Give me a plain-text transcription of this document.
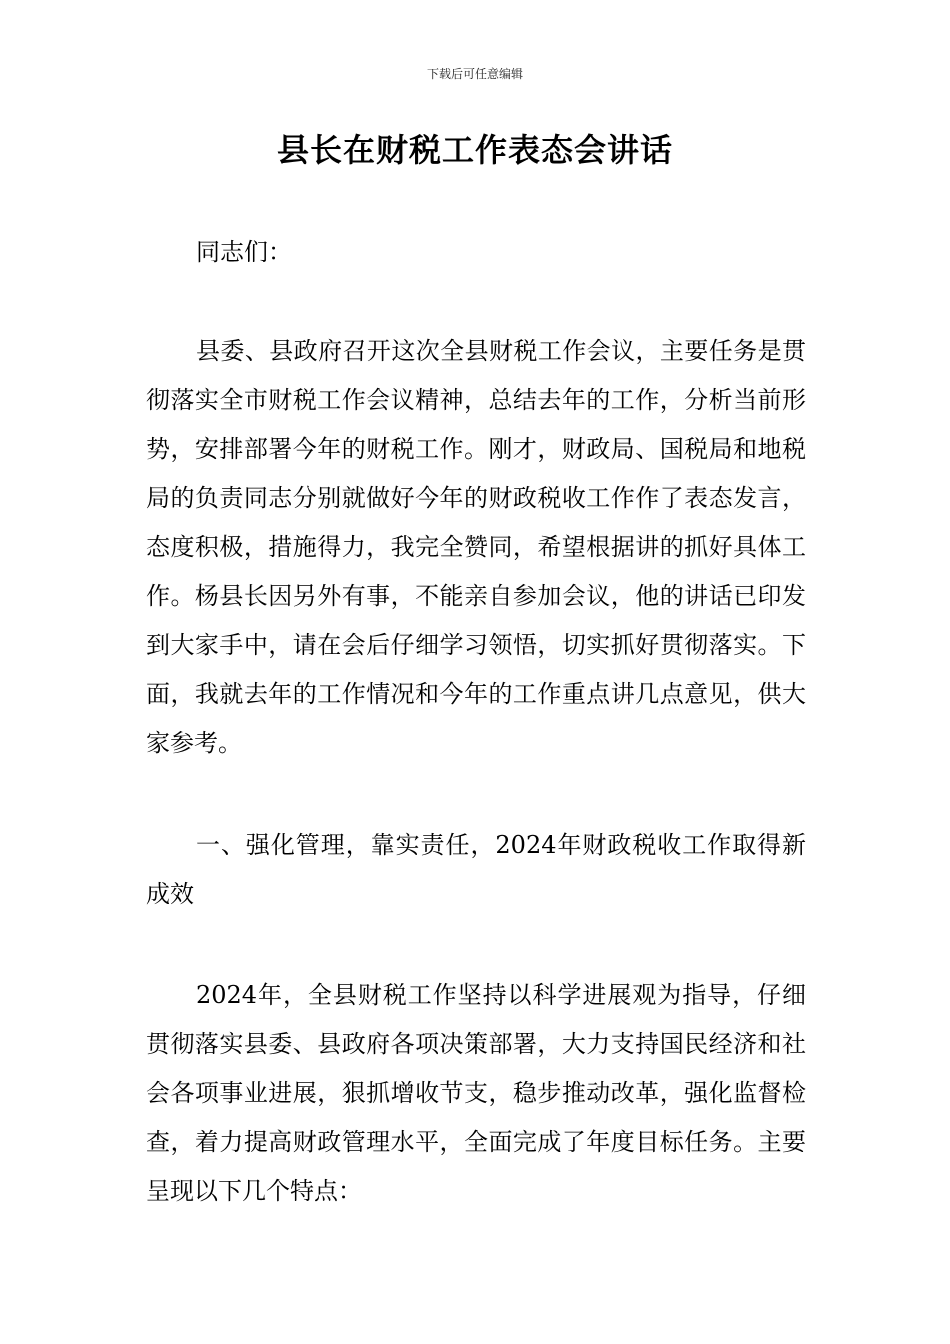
下载后可任意编辑
县长在财税工作表态会讲话

同志们：

县委、县政府召开这次全县财税工作会议，主要任务是贯彻落实全市财税工作会议精神，总结去年的工作，分析当前形势，安排部署今年的财税工作。刚才，财政局、国税局和地税局的负责同志分别就做好今年的财政税收工作作了表态发言，态度积极，措施得力，我完全赞同，希望根据讲的抓好具体工作。杨县长因另外有事，不能亲自参加会议，他的讲话已印发到大家手中，请在会后仔细学习领悟，切实抓好贯彻落实。下面，我就去年的工作情况和今年的工作重点讲几点意见，供大家参考。

一、强化管理，靠实责任，2024年财政税收工作取得新成效

2024年，全县财税工作坚持以科学进展观为指导，仔细贯彻落实县委、县政府各项决策部署，大力支持国民经济和社会各项事业进展，狠抓增收节支，稳步推动改革，强化监督检查，着力提高财政管理水平，全面完成了年度目标任务。主要呈现以下几个特点：
